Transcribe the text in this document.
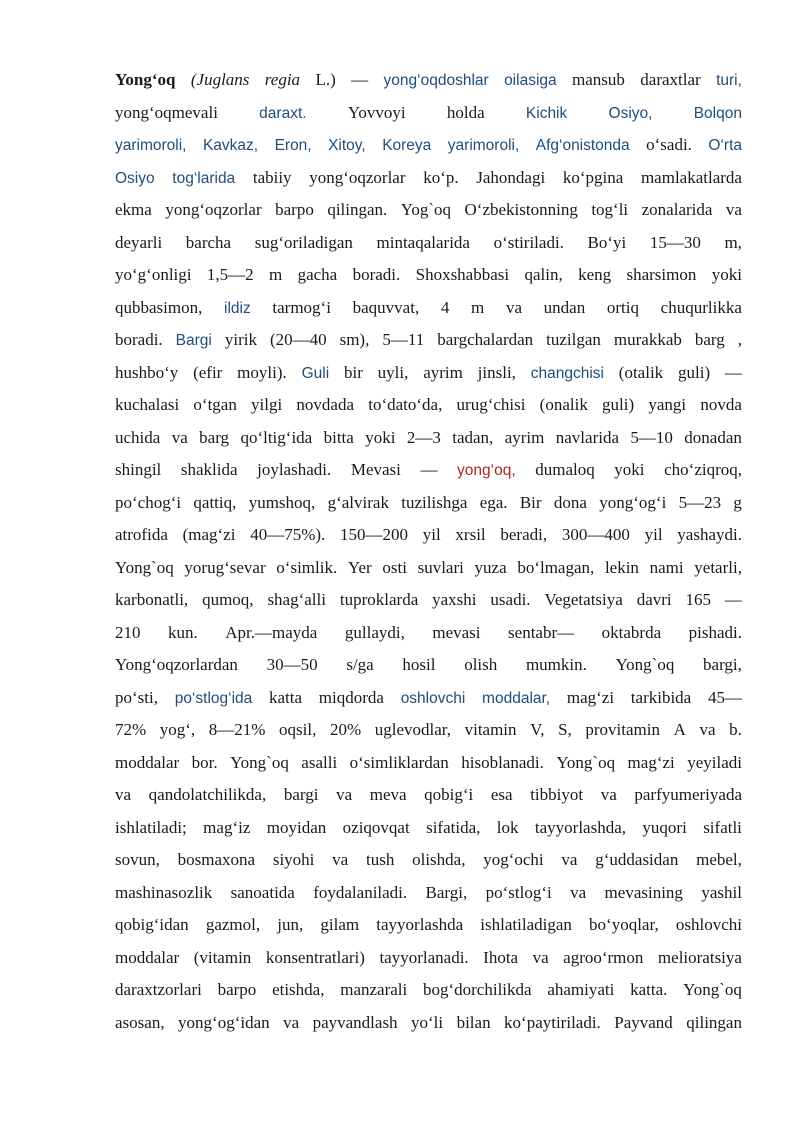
Yong‘oq (Juglans regia L.) — yong‘oqdoshlar oilasiga mansub daraxtlar turi,
yong‘oqmevali	daraxt. Yovvoyi holda	Kichik	Osiyo,	Bolqon
yarimoroli, Kavkaz, Eron, Xitoy, Koreya yarimoroli, Afg‘onistonda o‘sadi. O‘rta
Osiyo tog‘larida tabiiy yong‘oqzorlar ko‘p. Jahondagi ko‘pgina mamlakatlarda
ekma yong‘oqzorlar barpo qilingan. Yog`oq O‘zbekistonning tog‘li zonalarida va
deyarli barcha sug‘oriladigan mintaqalarida o‘stiriladi. Bo‘yi 15—30 m,
yo‘g‘onligi 1,5—2 m gacha boradi. Shoxshabbasi qalin, keng sharsimon yoki
qubbasimon, ildiz tarmog‘i baquvvat, 4 m va undan ortiq chuqurlikka
boradi. Bargi yirik (20—40 sm), 5—11 bargchalardan tuzilgan murakkab barg ,
hushbo‘y (efir moyli). Guli bir uyli, ayrim jinsli, changchisi (otalik guli) —
kuchalasi o‘tgan yilgi novdada to‘dato‘da, urug‘chisi (onalik guli) yangi novda
uchida va barg qo‘ltig‘ida bitta yoki 2—3 tadan, ayrim navlarida 5—10 donadan
shingil shaklida joylashadi. Mevasi — yong‘oq, dumaloq yoki cho‘ziqroq,
po‘chog‘i qattiq, yumshoq, g‘alvirak tuzilishga ega. Bir dona yong‘og‘i 5—23 g
atrofida (mag‘zi 40—75%). 150—200 yil xrsil beradi, 300—400 yil yashaydi.
Yong`oq yorug‘sevar o‘simlik. Yer osti suvlari yuza bo‘lmagan, lekin nami yetarli,
karbonatli, qumoq, shag‘alli tuproklarda yaxshi usadi. Vegetatsiya davri 165 —
210 kun. Apr.—mayda gullaydi, mevasi sentabr— oktabrda pishadi.
Yong‘oqzorlardan 30—50 s/ga hosil olish mumkin. Yong`oq bargi,
po‘sti, po‘stlog‘ida katta miqdorda oshlovchi moddalar, mag‘zi tarkibida 45—
72% yog‘, 8—21% oqsil, 20% uglevodlar, vitamin V, S, provitamin A va b.
moddalar bor. Yong`oq asalli o‘simliklardan hisoblanadi. Yong`oq mag‘zi yeyiladi
va qandolatchilikda, bargi va meva qobig‘i esa tibbiyot va parfyumeriyada
ishlatiladi; mag‘iz moyidan oziqovqat sifatida, lok tayyorlashda, yuqori sifatli
sovun, bosmaxona siyohi va tush olishda, yog‘ochi va g‘uddasidan mebel,
mashinasozlik sanoatida foydalaniladi. Bargi, po‘stlog‘i va mevasining yashil
qobig‘idan gazmol, jun, gilam tayyorlashda ishlatiladigan bo‘yoqlar, oshlovchi
moddalar (vitamin konsentratlari) tayyorlanadi. Ihota va agroo‘rmon melioratsiya
daraxtzorlari barpo etishda, manzarali bog‘dorchilikda ahamiyati katta. Yong`oq
asosan, yong‘og‘idan va payvandlash yo‘li bilan ko‘paytiriladi. Payvand qilingan
